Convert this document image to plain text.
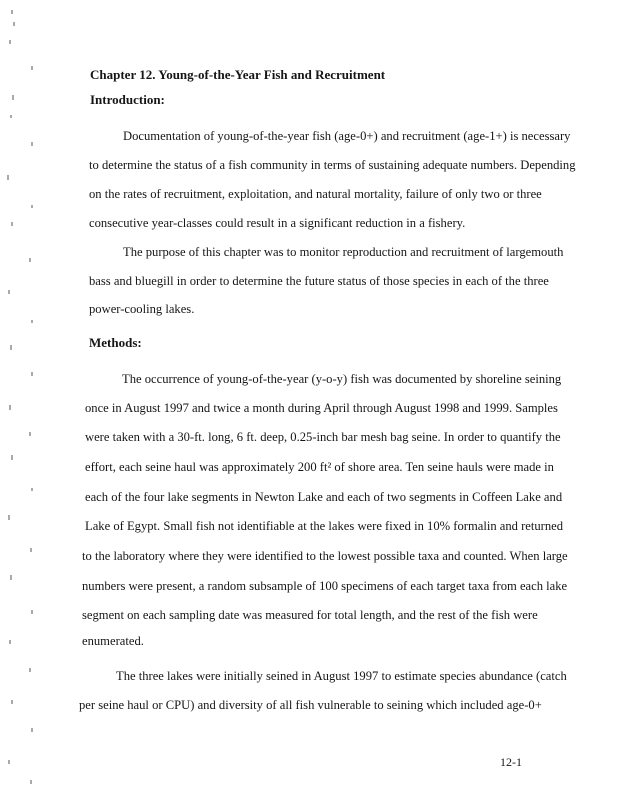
Chapter 12. Young-of-the-Year Fish and Recruitment
Introduction:
Documentation of young-of-the-year fish (age-0+) and recruitment (age-1+) is necessary
to determine the status of a fish community in terms of sustaining adequate numbers. Depending
on the rates of recruitment, exploitation, and natural mortality, failure of only two or three
consecutive year-classes could result in a significant reduction in a fishery.
The purpose of this chapter was to monitor reproduction and recruitment of largemouth
bass and bluegill in order to determine the future status of those species in each of the three
power-cooling lakes.
Methods:
The occurrence of young-of-the-year (y-o-y) fish was documented by shoreline seining
once in August 1997 and twice a month during April through August 1998 and 1999. Samples
were taken with a 30-ft. long, 6 ft. deep, 0.25-inch bar mesh bag seine. In order to quantify the
effort, each seine haul was approximately 200 ft² of shore area. Ten seine hauls were made in
each of the four lake segments in Newton Lake and each of two segments in Coffeen Lake and
Lake of Egypt. Small fish not identifiable at the lakes were fixed in 10% formalin and returned
to the laboratory where they were identified to the lowest possible taxa and counted. When large
numbers were present, a random subsample of 100 specimens of each target taxa from each lake
segment on each sampling date was measured for total length, and the rest of the fish were
enumerated.
The three lakes were initially seined in August 1997 to estimate species abundance (catch
per seine haul or CPU) and diversity of all fish vulnerable to seining which included age-0+
12-1
